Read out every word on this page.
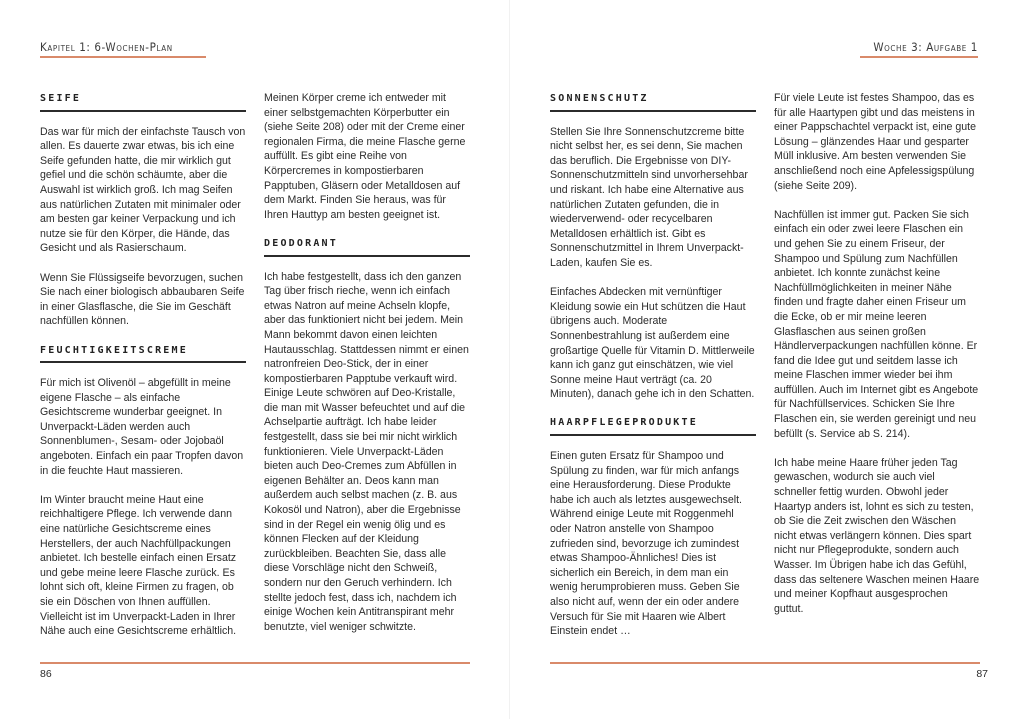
Kapitel 1: 6-Wochen-Plan
SEIFE

Das war für mich der einfachste Tausch von allen. Es dauerte zwar etwas, bis ich eine Seife gefunden hatte, die mir wirklich gut gefiel und die schön schäumte, aber die Auswahl ist wirklich groß. Ich mag Seifen aus natürlichen Zutaten mit minimaler oder am besten gar keiner Verpackung und ich nutze sie für den Körper, die Hände, das Gesicht und als Rasierschaum.

Wenn Sie Flüssigseife bevorzugen, suchen Sie nach einer biologisch abbaubaren Seife in einer Glasflasche, die Sie im Geschäft nachfüllen können.

FEUCHTIGKEITSCREME

Für mich ist Olivenöl – abgefüllt in meine eigene Flasche – als einfache Gesichtscreme wunderbar geeignet. In Unverpackt-Läden werden auch Sonnenblumen-, Sesam- oder Jojobaöl angeboten. Einfach ein paar Tropfen davon in die feuchte Haut massieren.

Im Winter braucht meine Haut eine reichhaltigere Pflege. Ich verwende dann eine natürliche Gesichtscreme eines Herstellers, der auch Nachfüllpackungen anbietet. Ich bestelle einfach einen Ersatz und gebe meine leere Flasche zurück. Es lohnt sich oft, kleine Firmen zu fragen, ob sie ein Döschen von Ihnen auffüllen. Vielleicht ist im Unverpackt-Laden in Ihrer Nähe auch eine Gesichtscreme erhältlich.

Meinen Körper creme ich entweder mit einer selbstgemachten Körperbutter ein (siehe Seite 208) oder mit der Creme einer regionalen Firma, die meine Flasche gerne auffüllt. Es gibt eine Reihe von Körpercremes in kompostierbaren Papptuben, Gläsern oder Metalldosen auf dem Markt. Finden Sie heraus, was für Ihren Hauttyp am besten geeignet ist.

DEODORANT

Ich habe festgestellt, dass ich den ganzen Tag über frisch rieche, wenn ich einfach etwas Natron auf meine Achseln klopfe, aber das funktioniert nicht bei jedem. Mein Mann bekommt davon einen leichten Hautausschlag. Stattdessen nimmt er einen natronfreien Deo-Stick, der in einer kompostierbaren Papptube verkauft wird. Einige Leute schwören auf Deo-Kristalle, die man mit Wasser befeuchtet und auf die Achselpartie aufträgt. Ich habe leider festgestellt, dass sie bei mir nicht wirklich funktionieren. Viele Unverpackt-Läden bieten auch Deo-Cremes zum Abfüllen in eigenen Behälter an. Deos kann man außerdem auch selbst machen (z. B. aus Kokosöl und Natron), aber die Ergebnisse sind in der Regel ein wenig ölig und es können Flecken auf der Kleidung zurückbleiben. Beachten Sie, dass alle diese Vorschläge nicht den Schweiß, sondern nur den Geruch verhindern. Ich stellte jedoch fest, dass ich, nachdem ich einige Wochen kein Antitranspirant mehr benutzte, viel weniger schwitzte.

86
Woche 3: Aufgabe 1
SONNENSCHUTZ

Stellen Sie Ihre Sonnenschutzcreme bitte nicht selbst her, es sei denn, Sie machen das beruflich. Die Ergebnisse von DIY-Sonnenschutzmitteln sind unvorhersehbar und riskant. Ich habe eine Alternative aus natürlichen Zutaten gefunden, die in wiederverwend- oder recycelbaren Metalldosen erhältlich ist. Gibt es Sonnenschutzmittel in Ihrem Unverpackt-Laden, kaufen Sie es.

Einfaches Abdecken mit vernünftiger Kleidung sowie ein Hut schützen die Haut übrigens auch. Moderate Sonnenbestrahlung ist außerdem eine großartige Quelle für Vitamin D. Mittlerweile kann ich ganz gut einschätzen, wie viel Sonne meine Haut verträgt (ca. 20 Minuten), danach gehe ich in den Schatten.

HAARPFLEGEPRODUKTE

Einen guten Ersatz für Shampoo und Spülung zu finden, war für mich anfangs eine Herausforderung. Diese Produkte habe ich auch als letztes ausgewechselt. Während einige Leute mit Roggenmehl oder Natron anstelle von Shampoo zufrieden sind, bevorzuge ich zumindest etwas Shampoo-Ähnliches! Dies ist sicherlich ein Bereich, in dem man ein wenig herumprobieren muss. Geben Sie also nicht auf, wenn der ein oder andere Versuch für Sie mit Haaren wie Albert Einstein endet …

Für viele Leute ist festes Shampoo, das es für alle Haartypen gibt und das meistens in einer Pappschachtel verpackt ist, eine gute Lösung – glänzendes Haar und gesparter Müll inklusive. Am besten verwenden Sie anschließend noch eine Apfelessigspülung (siehe Seite 209).

Nachfüllen ist immer gut. Packen Sie sich einfach ein oder zwei leere Flaschen ein und gehen Sie zu einem Friseur, der Shampoo und Spülung zum Nachfüllen anbietet. Ich konnte zunächst keine Nachfüllmöglichkeiten in meiner Nähe finden und fragte daher einen Friseur um die Ecke, ob er mir meine leeren Glasflaschen aus seinen großen Händlerverpackungen nachfüllen könne. Er fand die Idee gut und seitdem lasse ich meine Flaschen immer wieder bei ihm auffüllen. Auch im Internet gibt es Angebote für Nachfüllservices. Schicken Sie Ihre Flaschen ein, sie werden gereinigt und neu befüllt (s. Service ab S. 214).

Ich habe meine Haare früher jeden Tag gewaschen, wodurch sie auch viel schneller fettig wurden. Obwohl jeder Haartyp anders ist, lohnt es sich zu testen, ob Sie die Zeit zwischen den Wäschen nicht etwas verlängern können. Dies spart nicht nur Pflegeprodukte, sondern auch Wasser. Im Übrigen habe ich das Gefühl, dass das seltenere Waschen meinen Haare und meiner Kopfhaut ausgesprochen guttut.

87
